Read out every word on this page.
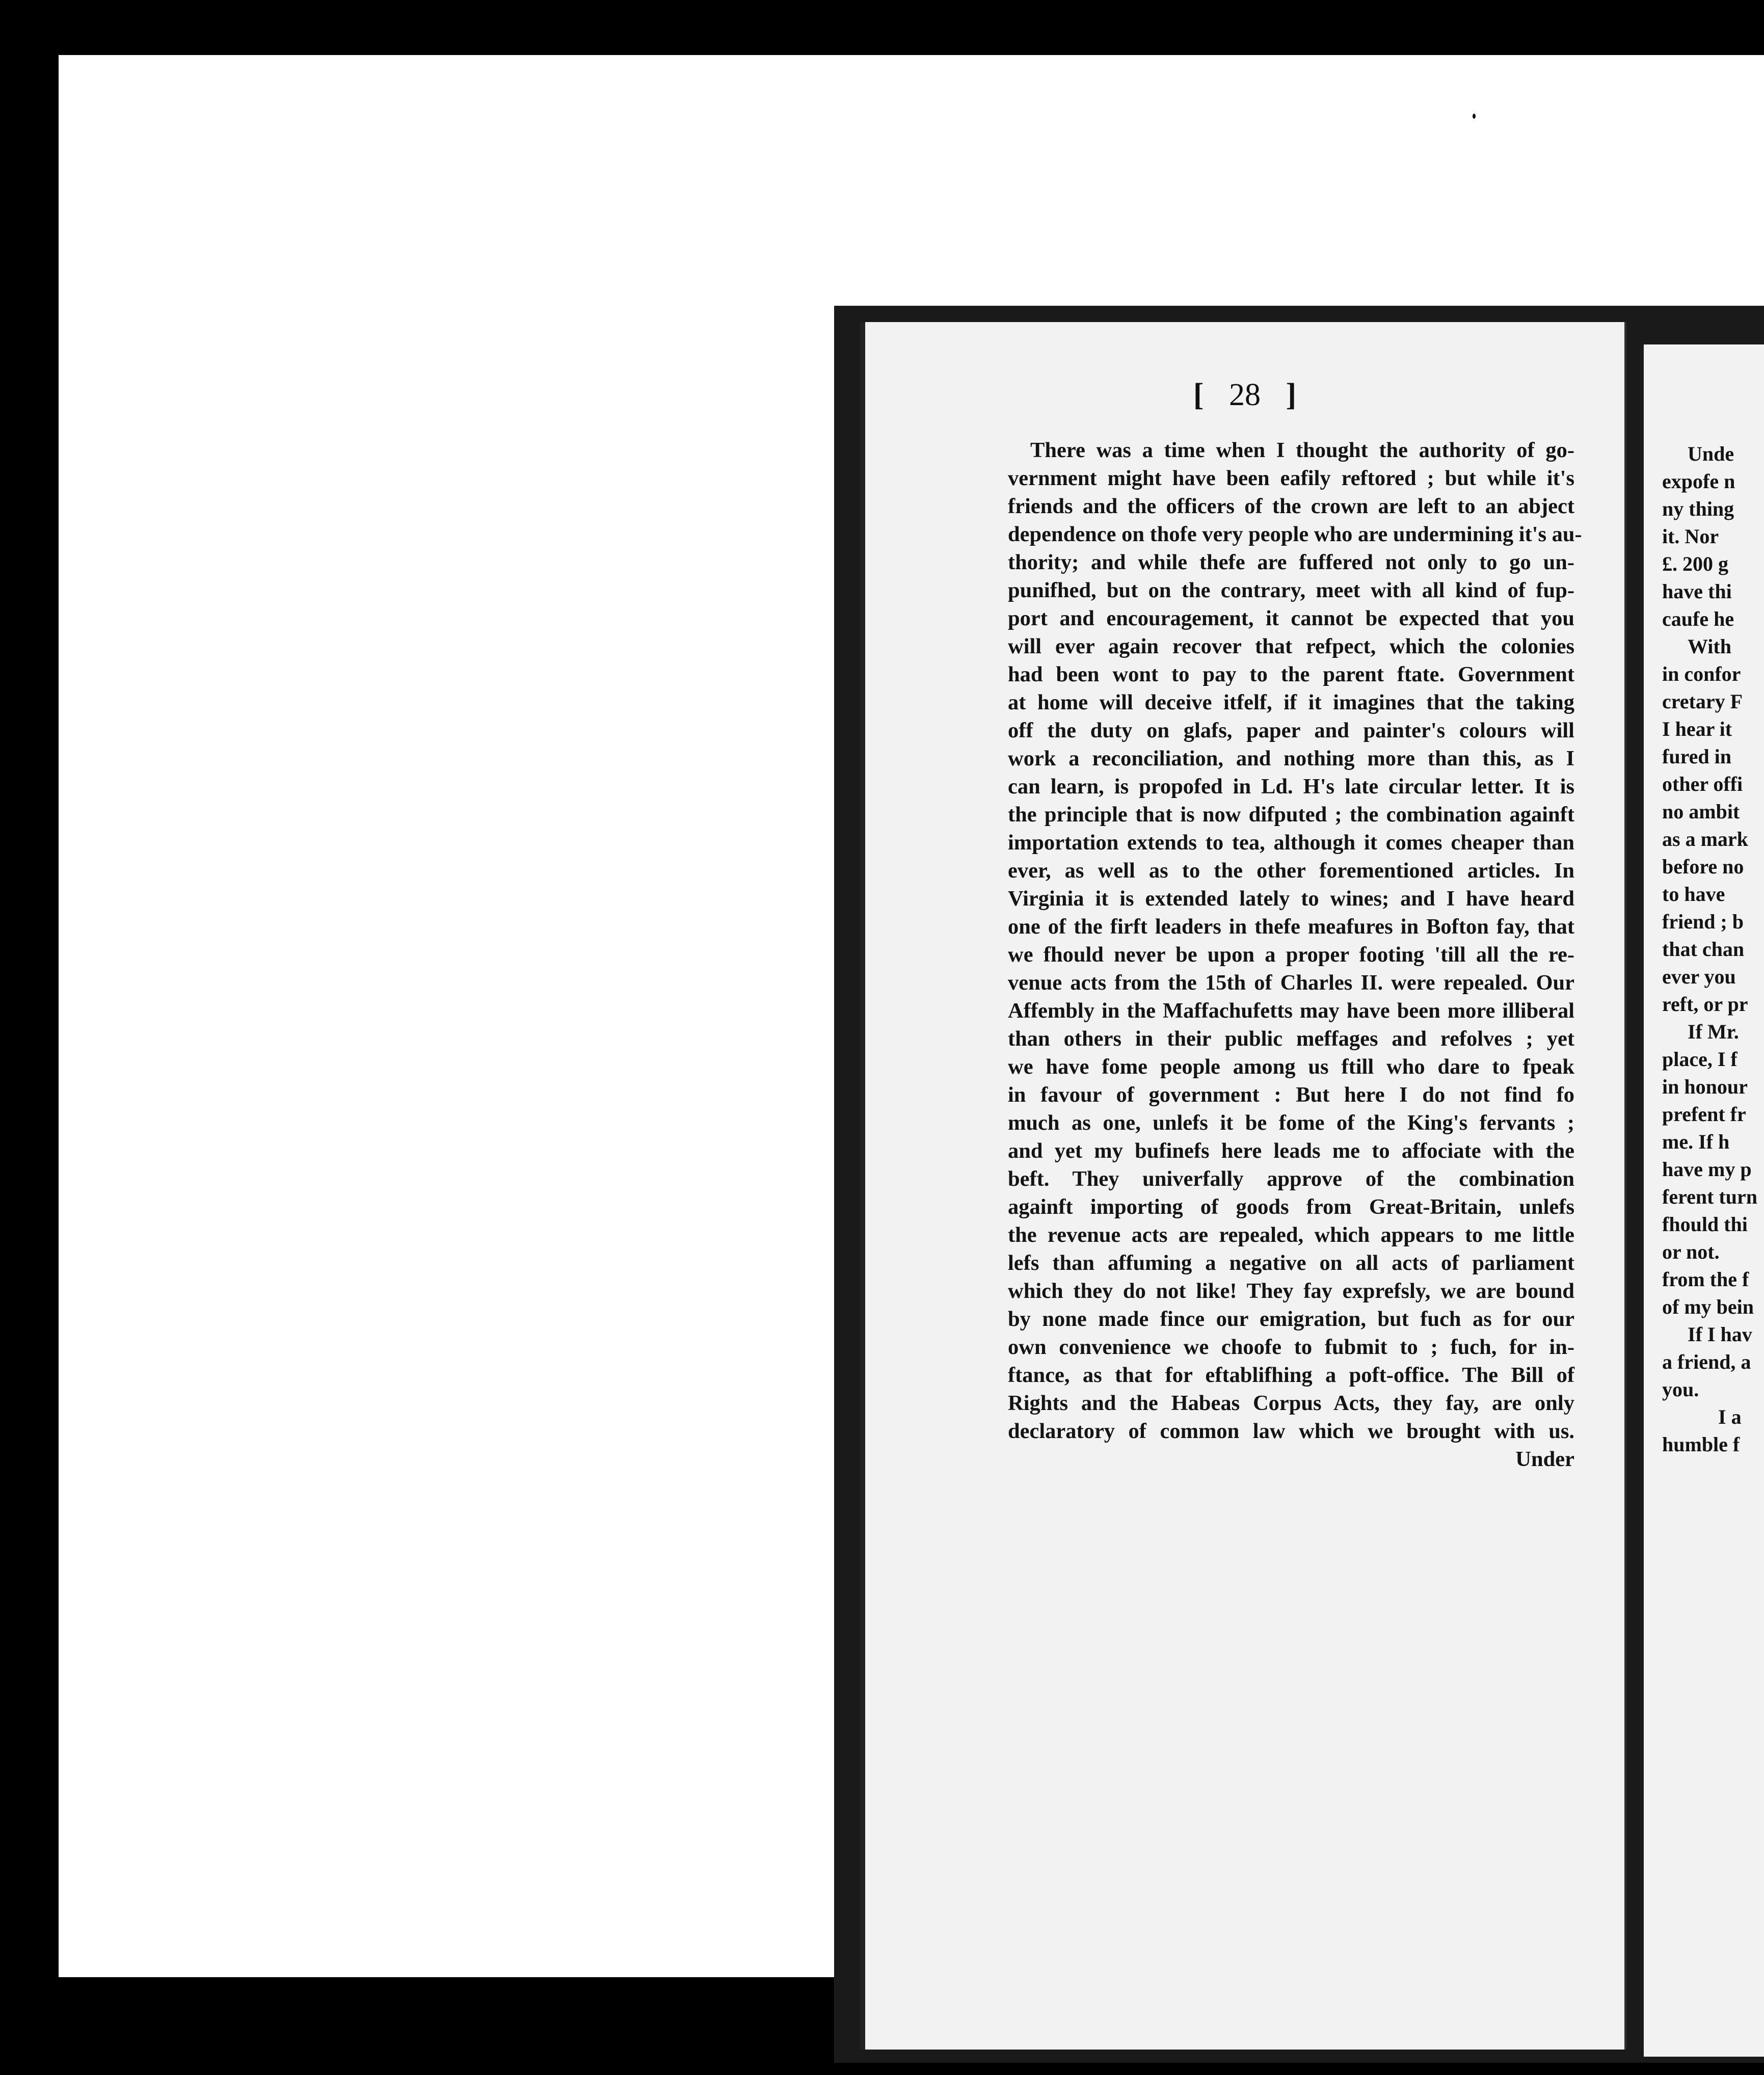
[ 28 ]
There was a time when I thought the authority of go-
vernment might have been eafily reftored ; but while it's
friends and the officers of the crown are left to an abject
dependence on thofe very people who are undermining it's au-
thority; and while thefe are fuffered not only to go un-
punifhed, but on the contrary, meet with all kind of fup-
port and encouragement, it cannot be expected that you
will ever again recover that refpect, which the colonies
had been wont to pay to the parent ftate. Government
at home will deceive itfelf, if it imagines that the taking
off the duty on glafs, paper and painter's colours will
work a reconciliation, and nothing more than this, as I
can learn, is propofed in Ld. H's late circular letter. It is
the principle that is now difputed ; the combination againft
importation extends to tea, although it comes cheaper than
ever, as well as to the other forementioned articles. In
Virginia it is extended lately to wines; and I have heard
one of the firft leaders in thefe meafures in Bofton fay, that
we fhould never be upon a proper footing 'till all the re-
venue acts from the 15th of Charles II. were repealed. Our
Affembly in the Maffachufetts may have been more illiberal
than others in their public meffages and refolves ; yet
we have fome people among us ftill who dare to fpeak
in favour of government : But here I do not find fo
much as one, unlefs it be fome of the King's fervants ;
and yet my bufinefs here leads me to affociate with the
beft. They univerfally approve of the combination
againft importing of goods from Great-Britain, unlefs
the revenue acts are repealed, which appears to me little
lefs than affuming a negative on all acts of parliament
which they do not like! They fay exprefsly, we are bound
by none made fince our emigration, but fuch as for our
own convenience we choofe to fubmit to ; fuch, for in-
ftance, as that for eftablifhing a poft-office. The Bill of
Rights and the Habeas Corpus Acts, they fay, are only
declaratory of common law which we brought with us.
Under
Unde
expofe n
ny thing
it. Nor
£. 200 g
have thi
caufe he
With
in confor
cretary F
I hear it
fured in
other offi
no ambit
as a mark
before no
to have
friend ; b
that chan
ever you
reft, or pr
If Mr.
place, I f
in honour
prefent fr
me. If h
have my p
ferent turn
fhould thi
or not.
from the f
of my bein
If I hav
a friend, a
you.
I a
humble f
